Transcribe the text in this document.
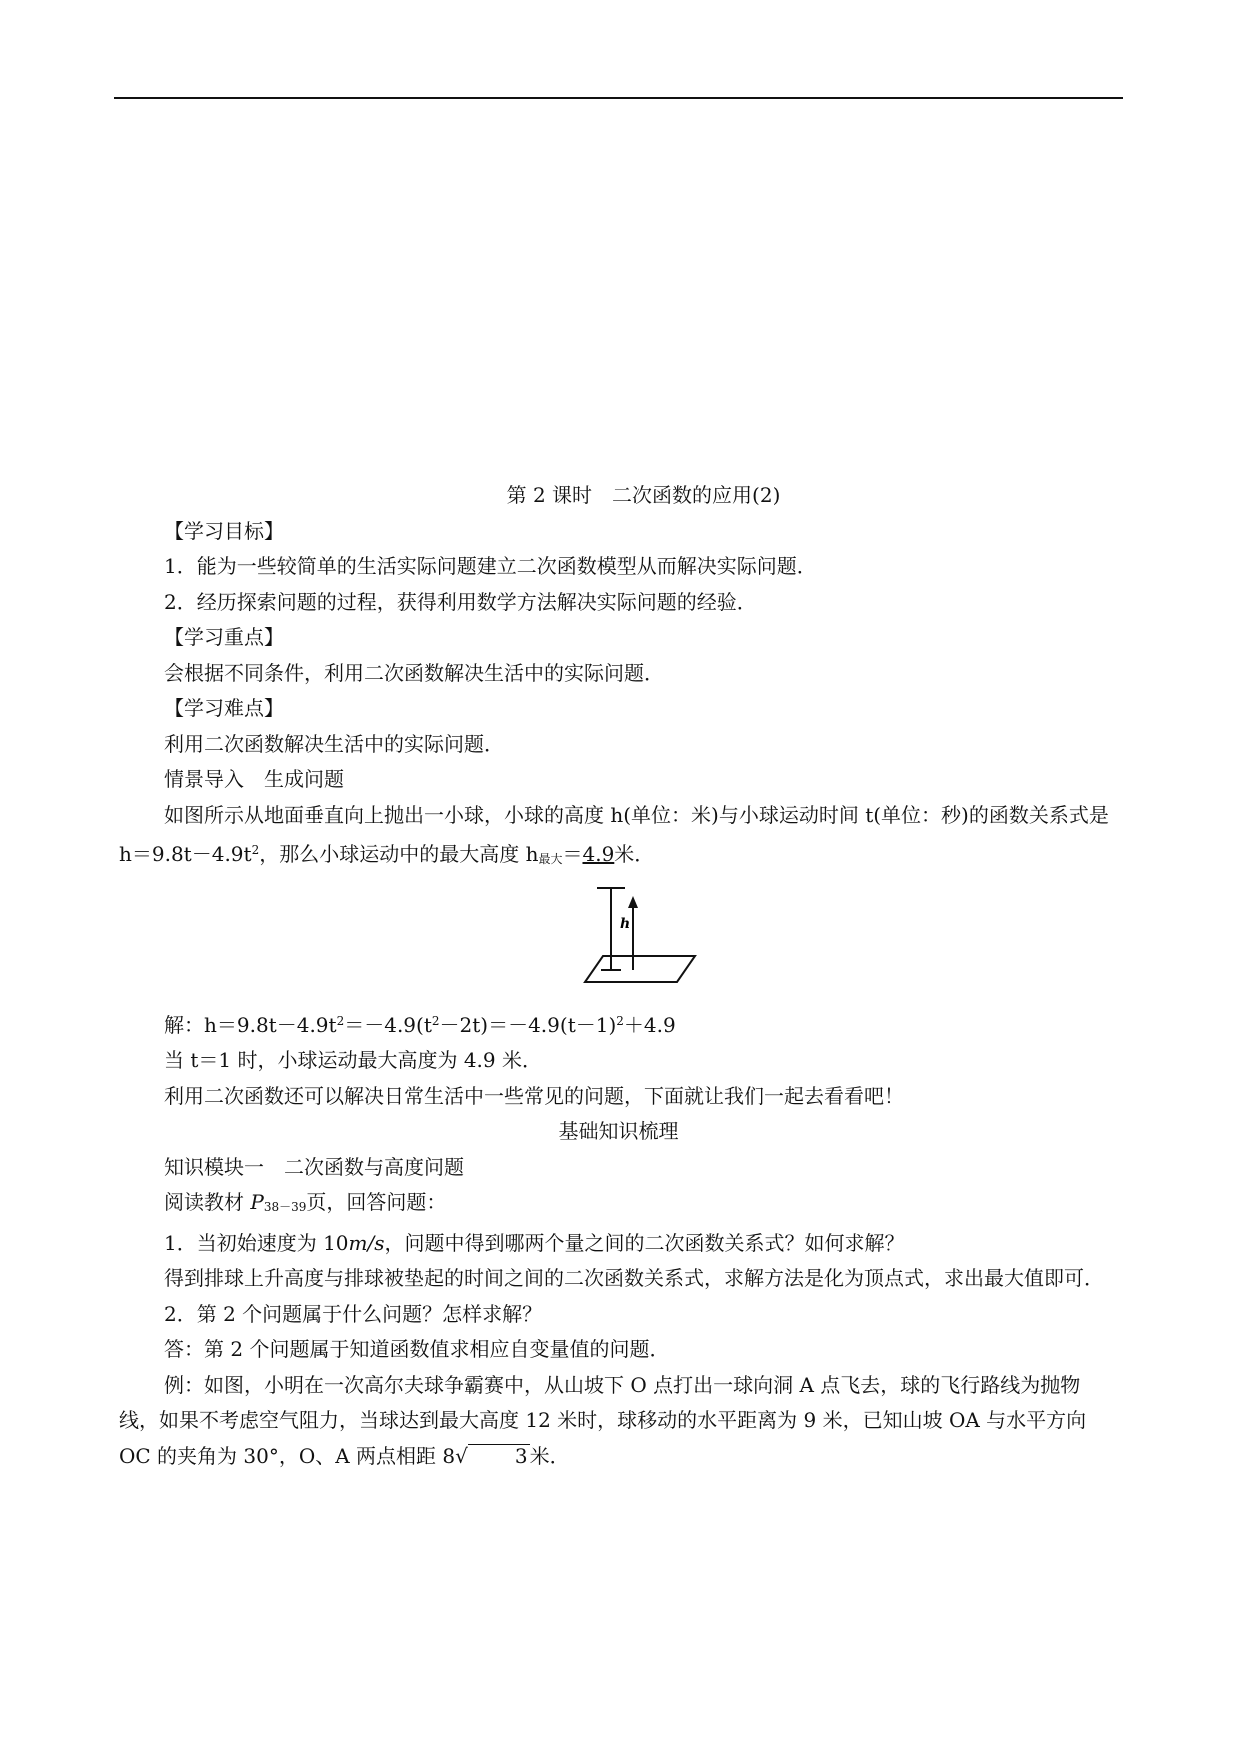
第 2 课时　二次函数的应用(2)

【学习目标】

1．能为一些较简单的生活实际问题建立二次函数模型从而解决实际问题．

2．经历探索问题的过程，获得利用数学方法解决实际问题的经验．

【学习重点】

会根据不同条件，利用二次函数解决生活中的实际问题．

【学习难点】

利用二次函数解决生活中的实际问题．

情景导入　生成问题

如图所示从地面垂直向上抛出一小球，小球的高度 h(单位：米)与小球运动时间 t(单位：秒)的函数关系式是 $h=9.8t-4.9t^2$，那么小球运动中的最大高度 h最大＝4.9米．

h

解：$h=9.8t-4.9t^2=-4.9(t^2-2t)=-4.9(t-1)^2+4.9$

当 t＝1 时，小球运动最大高度为 4.9 米．

利用二次函数还可以解决日常生活中一些常见的问题，下面就让我们一起去看看吧！

基础知识梳理

知识模块一　二次函数与高度问题

阅读教材 P38－39页，回答问题：

1．当初始速度为 10m/s，问题中得到哪两个量之间的二次函数关系式？如何求解？

得到排球上升高度与排球被垫起的时间之间的二次函数关系式，求解方法是化为顶点式，求出最大值即可．

2．第 2 个问题属于什么问题？怎样求解？

答：第 2 个问题属于知道函数值求相应自变量值的问题．

例：如图，小明在一次高尔夫球争霸赛中，从山坡下 O 点打出一球向洞 A 点飞去，球的飞行路线为抛物线，如果不考虑空气阻力，当球达到最大高度 12 米时，球移动的水平距离为 9 米，已知山坡 OA 与水平方向 OC 的夹角为 30°，O、A 两点相距 8√ 3 米．
